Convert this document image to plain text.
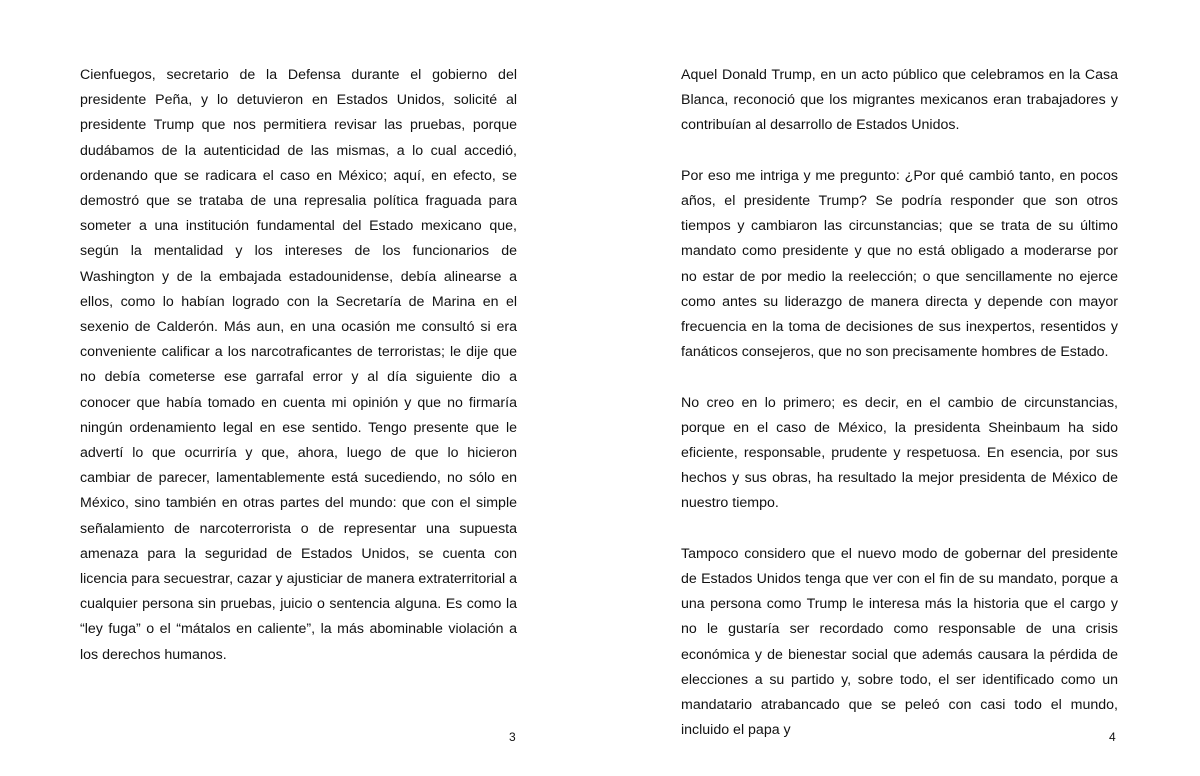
Cienfuegos, secretario de la Defensa durante el gobierno del presidente Peña, y lo detuvieron en Estados Unidos, solicité al presidente Trump que nos permitiera revisar las pruebas, porque dudábamos de la autenticidad de las mismas, a lo cual accedió, ordenando que se radicara el caso en México; aquí, en efecto, se demostró que se trataba de una represalia política fraguada para someter a una institución fundamental del Estado mexicano que, según la mentalidad y los intereses de los funcionarios de Washington y de la embajada estadounidense, debía alinearse a ellos, como lo habían logrado con la Secretaría de Marina en el sexenio de Calderón. Más aun, en una ocasión me consultó si era conveniente calificar a los narcotraficantes de terroristas; le dije que no debía cometerse ese garrafal error y al día siguiente dio a conocer que había tomado en cuenta mi opinión y que no firmaría ningún ordenamiento legal en ese sentido. Tengo presente que le advertí lo que ocurriría y que, ahora, luego de que lo hicieron cambiar de parecer, lamentablemente está sucediendo, no sólo en México, sino también en otras partes del mundo: que con el simple señalamiento de narcoterrorista o de representar una supuesta amenaza para la seguridad de Estados Unidos, se cuenta con licencia para secuestrar, cazar y ajusticiar de manera extraterritorial a cualquier persona sin pruebas, juicio o sentencia alguna. Es como la “ley fuga” o el “mátalos en caliente”, la más abominable violación a los derechos humanos.

3

Aquel Donald Trump, en un acto público que celebramos en la Casa Blanca, reconoció que los migrantes mexicanos eran trabajadores y contribuían al desarrollo de Estados Unidos.

Por eso me intriga y me pregunto: ¿Por qué cambió tanto, en pocos años, el presidente Trump? Se podría responder que son otros tiempos y cambiaron las circunstancias; que se trata de su último mandato como presidente y que no está obligado a moderarse por no estar de por medio la reelección; o que sencillamente no ejerce como antes su liderazgo de manera directa y depende con mayor frecuencia en la toma de decisiones de sus inexpertos, resentidos y fanáticos consejeros, que no son precisamente hombres de Estado.

No creo en lo primero; es decir, en el cambio de circunstancias, porque en el caso de México, la presidenta Sheinbaum ha sido eficiente, responsable, prudente y respetuosa. En esencia, por sus hechos y sus obras, ha resultado la mejor presidenta de México de nuestro tiempo.

Tampoco considero que el nuevo modo de gobernar del presidente de Estados Unidos tenga que ver con el fin de su mandato, porque a una persona como Trump le interesa más la historia que el cargo y no le gustaría ser recordado como responsable de una crisis económica y de bienestar social que además causara la pérdida de elecciones a su partido y, sobre todo, el ser identificado como un mandatario atrabancado que se peleó con casi todo el mundo, incluido el papa y	4
